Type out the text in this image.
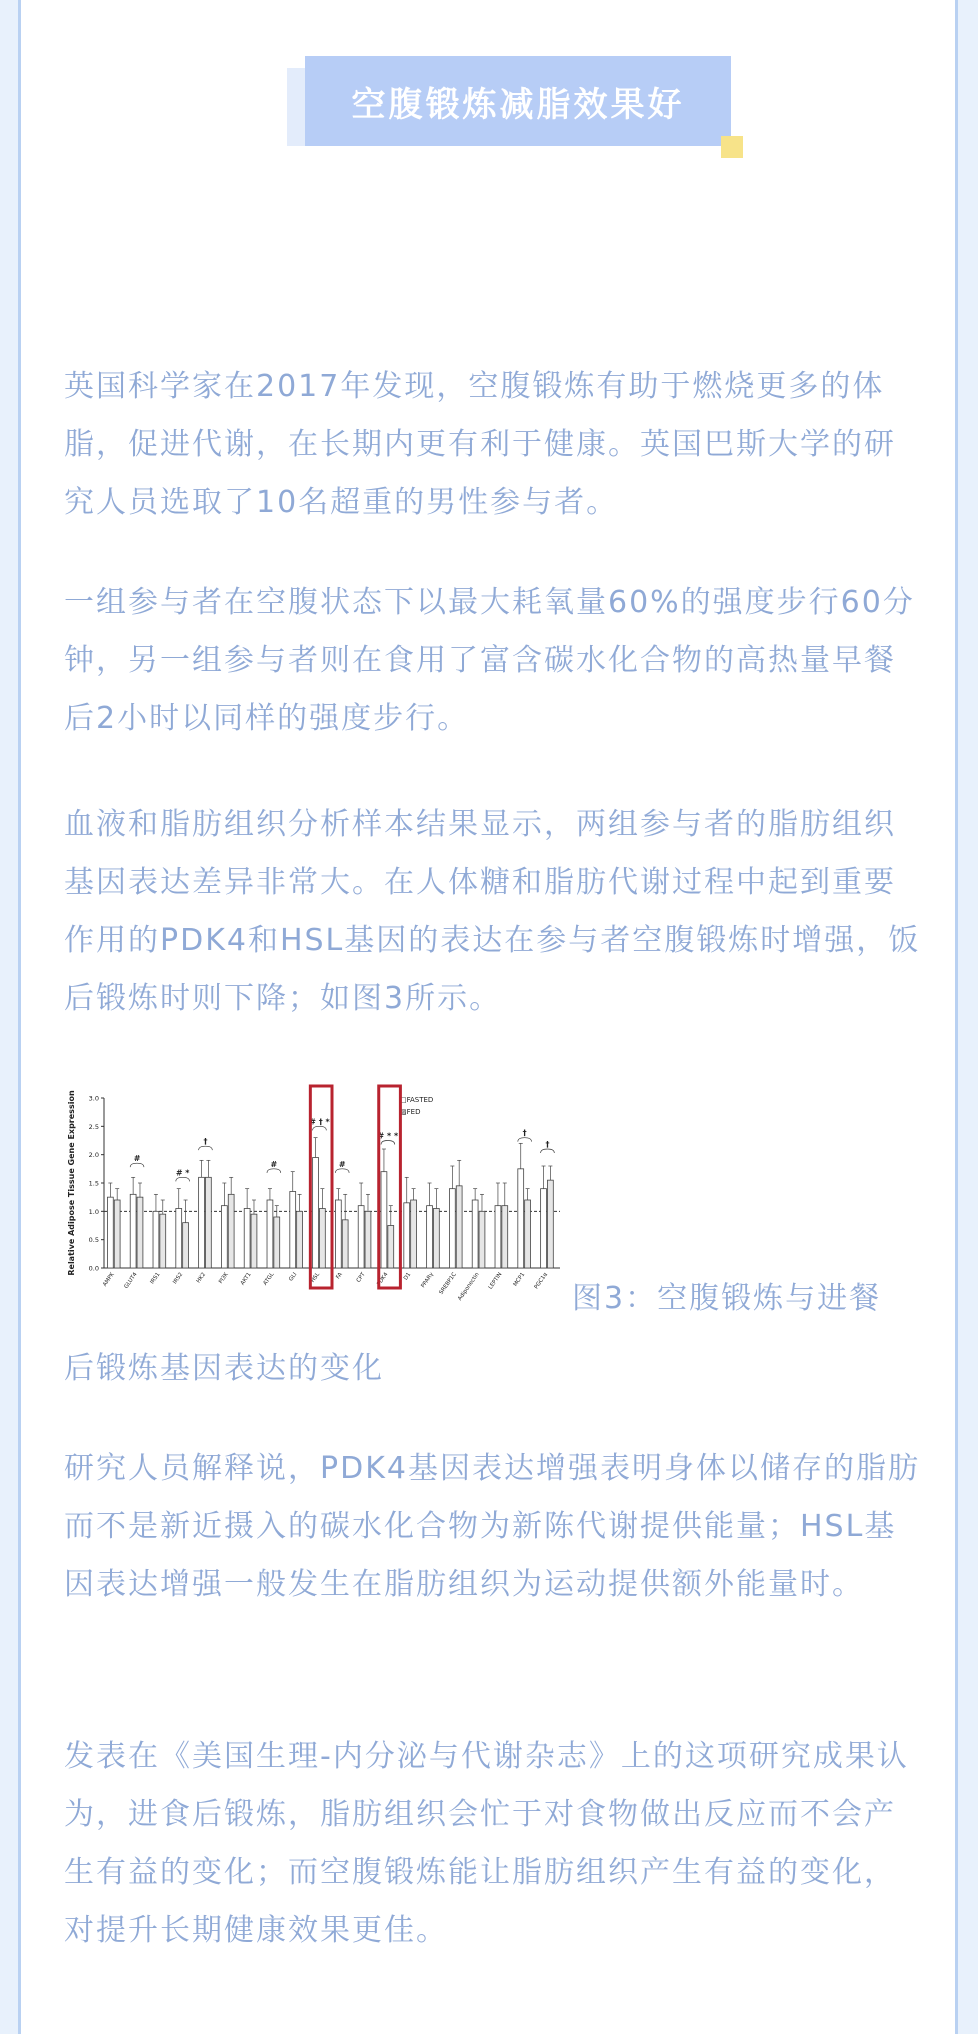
空腹锻炼减脂效果好

英国科学家在2017年发现，空腹锻炼有助于燃烧更多的体脂，促进代谢，在长期内更有利于健康。英国巴斯大学的研究人员选取了10名超重的男性参与者。

一组参与者在空腹状态下以最大耗氧量60%的强度步行60分钟，另一组参与者则在食用了富含碳水化合物的高热量早餐后2小时以同样的强度步行。

血液和脂肪组织分析样本结果显示，两组参与者的脂肪组织基因表达差异非常大。在人体糖和脂肪代谢过程中起到重要作用的PDK4和HSL基因的表达在参与者空腹锻炼时增强，饭后锻炼时则下降；如图3所示。

Relative Adipose Tissue Gene Expression 0.0
0.5
1.0
1.5
2.0
2.5
3.0
AMPK GLUT4 IRS1 IRS2 HK2 PI3K AKT1 ATGL GLI HSL	FA CPT PDK4 D1 PPARγ SREBP1C Adiponectin LEPTIN MCP1 PGC1α
#
# *
†
#
# † *
#
# * *	†
†
□FASTED
▨FED
图3：空腹锻炼与进餐
后锻炼基因表达的变化

研究人员解释说，PDK4基因表达增强表明身体以储存的脂肪而不是新近摄入的碳水化合物为新陈代谢提供能量；HSL基因表达增强一般发生在脂肪组织为运动提供额外能量时。

发表在《美国生理-内分泌与代谢杂志》上的这项研究成果认为，进食后锻炼，脂肪组织会忙于对食物做出反应而不会产生有益的变化；而空腹锻炼能让脂肪组织产生有益的变化，对提升长期健康效果更佳。
